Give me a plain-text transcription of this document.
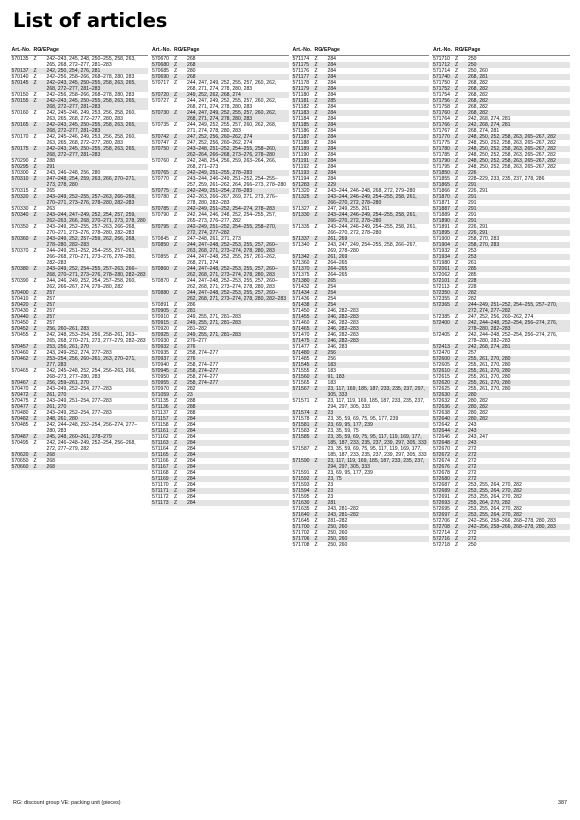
List of articles
Art.-No. RG
VE Page
570135 Z	242–243, 245, 248, 250–255, 258, 263, 265, 268, 272–277, 281–283
570137 Z	242, 250, 254, 276, 281
570140 Z	242–256, 258–266, 268–278, 280, 283
570145 Z	242–243, 245, 250–255, 258, 263, 265, 268, 272–277, 281–283
570150 Z	242–256, 258–266, 268–278, 280, 283
570155 Z	242–243, 245, 250–255, 258, 263, 265, 268, 272–277, 281–283
570160 Z	242, 245–246, 249, 253, 256, 258, 260, 263, 265, 268, 272–277, 280, 283
570165 Z	242–243, 245, 250–255, 258, 263, 265, 268, 272–277, 281–283
570170 Z	242, 245–246, 249, 253, 256, 258, 260, 263, 265, 268, 272–277, 280, 283
570175 Z	242–243, 245, 250–255, 258, 263, 265, 268, 272–277, 281–283
570290 Z	288
570295 Z	291
570300 Z	243, 246–248, 256, 280
570310 Z	247–248, 254, 259, 263, 266, 270–271, 273, 278, 280
570315 Z	265
570320 Z	243–249, 252–255, 257–263, 266–268, 270–271, 273–276, 278–280, 282–283
570330 Z	263
570340 Z	243–244, 247–249, 252, 254, 257, 259, 262–263, 266, 268, 270–271, 273, 278, 280
570350 Z	243–249, 252–255, 257–263, 266–268, 270–271, 273–276, 278–280, 282–283
570360 Z	243–249, 252, 257–259, 262, 266, 268, 278–280, 282–283
570370 Z	244–249, 251–252, 254–255, 257–263, 266–268, 270–271, 273–276, 278–280, 282–283
570380 Z	243–249, 252, 254–255, 257–263, 266–268, 270–271, 273–276, 278–280, 282–283
570390 Z	244, 246, 249, 252, 254, 257–258, 260, 262, 266–267, 274, 279–280, 282
570400 Z	257
570410 Z	257
570420 Z	257
570430 Z	257
570440 Z	257
570450 Z	257
570452 Z	256, 260–261, 283
570455 Z	242, 248, 253–254, 256, 258–261, 263–265, 268, 270–271, 273, 277–279, 282–283
570457 Z	253, 256, 261, 270
570460 Z	243, 249–252, 274, 277–283
570462 Z	253–254, 256, 260–261, 263, 270–271, 277, 283
570465 Z	242, 245–248, 252, 254, 256–263, 266, 268–273, 277–280, 283
570467 Z	256, 259–261, 270
570470 Z	243–249, 252–254, 277–283
570472 Z	261, 270
570475 Z	243–249, 251–254, 277–283
570477 Z	261, 270
570480 Z	243–249, 252–254, 277–283
570482 Z	248, 261, 280
570485 Z	242, 244–248, 252–254, 256–274, 277–280, 283
570487 Z	245, 248, 260–261, 278–279
570495 Z	242, 246–248–249, 252–254, 256–268, 272, 277–279, 282
570620 Z	268
570650 Z	268
570660 Z	268
Art.-No. RG
VE Page
570670 Z	268
570680 Z	268
570685 Z	280
570690 Z	268
570717 Z	244, 247, 249, 252, 255, 257, 260, 262, 268, 271, 274, 278, 280, 283
570720 Z	249, 252, 262, 268, 274
570727 Z	244, 247, 249, 252, 255, 257, 260, 262, 268, 271, 274, 278, 280, 283
570730 Z	244, 247, 249, 252, 255, 257, 260, 262, 268, 271, 274, 278, 280, 283
570735 Z	244, 249, 252, 255, 257, 260, 262, 268, 271, 274, 278, 280, 283
570742 Z	247, 252, 256, 260–262, 274
570747 Z	247, 252, 256, 260–262, 274
570750 Z	243–248, 251–252, 254–255, 258–260, 262–264, 266–268, 273–276, 278–280
570760 Z	242, 248, 254, 256, 259, 263–264, 266, 268, 271–273
570765 Z	242–249, 251–255, 278–283
570770 Z	243–244, 246–249, 251–252, 254–255–257, 259, 261–262, 264, 266–273, 278–280
570775 Z	242–249, 251–254, 278–283
570780 Z	242–263, 266–267, 269, 271, 273, 276–278, 280, 282–283
570785 Z	242–249, 251–252, 254–274, 278–283
570790 Z	242, 244, 246, 248, 252, 254–255, 257, 265–273, 276–277, 282
570795 Z	242–249, 251–252, 254–255, 258–270, 272, 274, 277–282
570845 Z	247–248, 261, 271, 273
570850 Z	244, 247–248, 252–253, 255, 257, 260–263, 268, 271, 273–274, 278, 280, 283
570855 Z	244, 247–248, 252, 255, 257, 261–262, 268, 271, 274
570860 Z	244, 247–248, 252–253, 255, 257, 260–262, 268, 271, 273–274, 278, 280, 283
570870 Z	244, 247–248, 252–253, 255, 257, 260–262, 268, 271, 273–274, 278, 280, 283
570880 Z	244, 247–248, 252–253, 255, 257, 260–262, 268, 271, 273–274, 278, 280, 282–283
570891 Z	286
570905 Z	281
570910 Z	249, 255, 271, 281–283
570915 Z	249, 255, 271, 281–283
570920 Z	281–282
570925 Z	249, 255, 271, 281–283
570930 Z	276–277
570932 Z	276
570935 Z	258, 274–277
570937 Z	276
570940 Z	258, 274–277
570945 Z	258, 274–277
570950 Z	258, 274–277
570955 Z	258, 274–277
570970 Z	282
571059 Z	23
571135	Z	288
571136	Z	288
571137	Z	288
571157	Z	284
571158	Z	284
571161	Z	284
571162	Z	284
571163	Z	284
571164	Z	284
571165	Z	284
571166	Z	284
571167	Z	284
571168	Z	284
571169	Z	284
571170	Z	284
571171	Z	284
571172	Z	284
571173	Z	284
Art.-No. RG
VE Page
571174	Z	284
571175	Z	284
571176	Z	284
571177	Z	284
571178	Z	284
571179	Z	284
571180	Z	284
571181	Z	285
571182	Z	284
571183	Z	284
571184	Z	284
571185	Z	284
571186	Z	284
571187	Z	284
571188	Z	284
571189	Z	284
571190	Z	284
571191	Z	284
571192	Z	284
571193	Z	284
571194	Z	284
571283 Z	229
571320 Z	243–244, 246–248, 268, 272, 279–280
571325 Z	243–244, 246–249, 254–255, 258, 261, 266–270, 272, 278–280
571327 Z	247, 249, 255, 261
571330 Z	243–244, 246–249, 254–255, 258, 261, 266–270, 272, 278–280
571335 Z	243–244, 246–249, 254–255, 258, 261, 266–270, 272, 278–280
571337 Z	261, 269
571340 Z	243, 247, 249, 254–255, 258, 266–267, 269, 278–280
571342 Z	261, 269
571360 Z	264–265
571370 Z	264–265
571375 Z	264–265
571380 Z	265
571432 Z	254
571434 Z	254
571436 Z	254
571438 Z	254
571450 Z	246, 282–283
571455 Z	246, 282–283
571460 Z	246, 282–283
571465 Z	246, 282–283
571470 Z	246, 282–283
571475 Z	246, 282–283
571477 Z	246, 283
571480 Z	256
571485 Z	256
571545 Z	183
571555 Z	183
571560 Z	91, 183
571565 Z	183
571567 Z	23, 117, 169, 185, 187, 233, 235, 237, 297, 305, 333
571571 Z	23, 117, 119, 169, 185, 187, 233, 235, 237, 294, 297, 305, 333
571574 Z	23
571578 Z	23, 35, 59, 69, 75, 95, 177, 239
571581 Z	23, 69, 95, 177, 239
571583 Z	23, 35, 59, 75
571585 Z	23, 35, 59, 69, 75, 95, 117, 119, 169, 177, 185, 187, 233, 235, 237, 239, 297, 305, 333
571587 Z	23, 35, 59, 69, 75, 95, 117, 119, 169, 177, 185, 187, 233, 235, 237, 239, 297, 305, 333
571590 Z	23, 117, 119, 169, 185, 187, 233, 235, 237, 294, 297, 305, 333
571591 Z	23, 69, 95, 177, 239
571592 Z	23, 75
571593 Z	23
571594 Z	23
571595 Z	23
571630 Z	281
571635 Z	243, 281–282
571640 Z	243, 281–282
571645 Z	281–282
571700 Z	250, 260
571702 Z	250, 260
571706 Z	250, 260
571708 Z	250, 260
Art.-No. RG
VE Page
571710 Z	250
571712 Z	250
571714 Z	250, 260
571740 Z	268, 281
571750 Z	268, 282
571752 Z	268, 282
571754 Z	268, 282
571756 Z	268, 282
571758 Z	268, 282
571760 Z	268, 282
571764 Z	242, 268, 274, 281
571766 Z	242, 268, 274, 281
571767 Z	268, 274, 281
571770 Z	248, 250, 252, 258, 263, 265–267, 282
571775 Z	248, 250, 252, 258, 263, 265–267, 282
571780 Z	248, 250, 252, 258, 263, 265–267, 282
571785 Z	248, 250, 252, 258, 263, 265–267, 282
571790 Z	248, 250, 252, 258, 263, 265–267, 282
571795 Z	248, 250, 252, 258, 263, 265–267, 282
571850 Z	226
571855 Z	228–229, 233, 235, 237, 278, 286
571865 Z	291
571866 Z	226, 291
571870 Z	291
571871 Z	291
571887 Z	291
571889 Z	291
571890 Z	291
571891 Z	226, 291
571895 Z	226, 291
571900 Z	258, 270, 283
571904 Z	258, 270, 283
571932 Z	253
571934 Z	253
571980 Z	261
572061 Z	285
572062 Z	285
572101 Z	228
572113	Z	228
572350 Z	282
572355 Z	282
572365 Z	244–249, 251–252, 254–255, 257–270, 272, 274, 277–282
572385 Z	247, 252, 256, 260–262, 274
572400 Z	242, 244–248, 252–254, 256–274, 276, 278–280, 282–283
572405 Z	242, 244–248, 252–254, 256–274, 276, 278–280, 282–283
572413 Z	242, 268, 274, 281
572470 Z	257
572600 Z	255, 261, 270, 280
572605 Z	255, 261, 270, 280
572610 Z	255, 261, 270, 280
572615 Z	255, 261, 270, 280
572620 Z	255, 261, 270, 280
572625 Z	255, 261, 270, 280
572630 Z	280
572632 Z	280, 282
572636 Z	280, 282
572638 Z	280, 282
572640 Z	280, 282
572642 Z	243
572644 Z	243
572646 Z	243, 247
572648 Z	243
572670 Z	272
572672 Z	272
572674 Z	272
572676 Z	272
572678 Z	272
572680 Z	272
572687 Z	253, 255, 264, 270, 282
572689 Z	253, 255, 264, 270, 282
572691 Z	253, 255, 264, 270, 282
572693 Z	255, 264, 270, 282
572695 Z	253, 255, 264, 270, 282
572697 Z	253, 255, 264, 270, 282
572706 Z	242–256, 258–266, 268–278, 280, 283
572708 Z	242–256, 258–266, 268–278, 280, 283
572714 Z	272
572716 Z	272
572718 Z	250
RG: discount group VE: packing unit (pieces)	387
